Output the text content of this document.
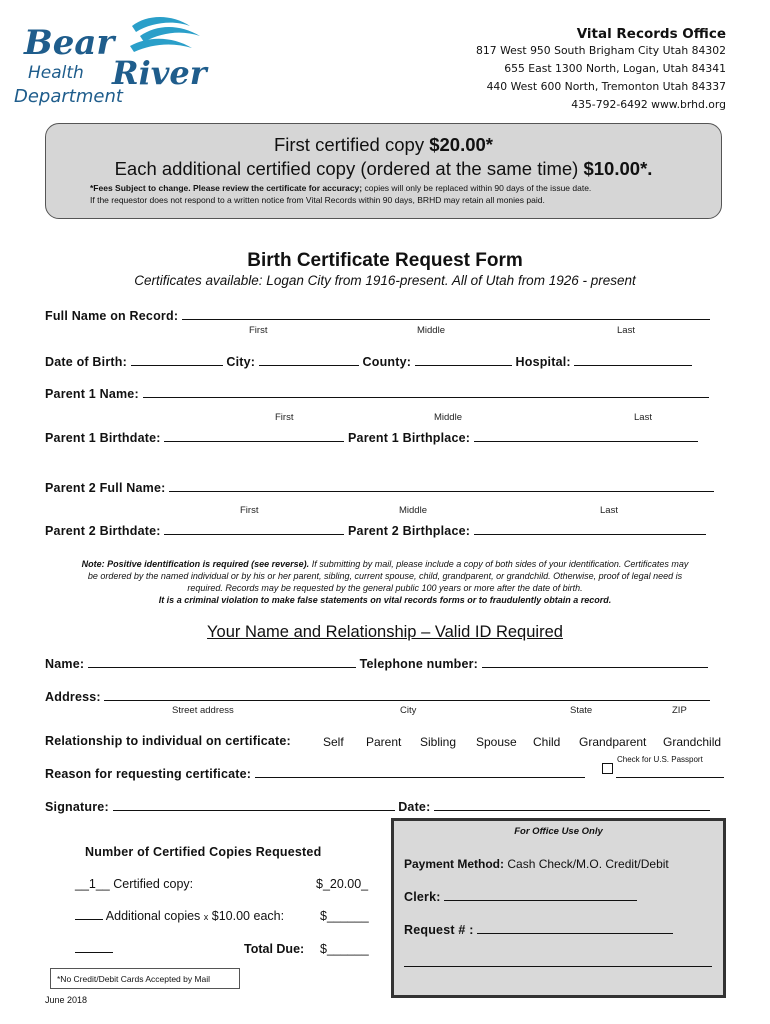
Bear
River
Health
Department
Vital Records Office
817 West 950 South Brigham City Utah 84302
655 East 1300 North, Logan, Utah 84341
440 West 600 North, Tremonton Utah 84337
435-792-6492 www.brhd.org
First certified copy $20.00*
Each additional certified copy (ordered at the same time) $10.00*.
*Fees Subject to change. Please review the certificate for accuracy; copies will only be replaced within 90 days of the issue date.
If the requestor does not respond to a written notice from Vital Records within 90 days, BRHD may retain all monies paid.
Birth Certificate Request Form
Certificates available: Logan City from 1916-present. All of Utah from 1926 - present
Full Name on Record:
First	Middle	Last
Date of Birth:	City:	County:	Hospital:
Parent 1 Name:
First	Middle	Last
Parent 1 Birthdate:	Parent 1 Birthplace:
Parent 2 Full Name:
First	Middle	Last
Parent 2 Birthdate:	Parent 2 Birthplace:
Note: Positive identification is required (see reverse). If submitting by mail, please include a copy of both sides of your identification. Certificates may
be ordered by the named individual or by his or her parent, sibling, current spouse, child, grandparent, or grandchild. Otherwise, proof of legal need is
required. Records may be requested by the general public 100 years or more after the date of birth.
It is a criminal violation to make false statements on vital records forms or to fraudulently obtain a record.
Your Name and Relationship – Valid ID Required
Name:	Telephone number:
Address:
Street address	City	State	ZIP
Relationship to individual on certificate:	Self Parent Sibling Spouse Child Grandparent Grandchild
Check for U.S. Passport
Reason for requesting certificate:
Signature:	Date:
Number of Certified Copies Requested
__1__ Certified copy:	$_20.00_
Additional copies x $10.00 each:	$______
Total Due: $______
*No Credit/Debit Cards Accepted by Mail
June 2018
For Office Use Only
Payment Method: Cash Check/M.O. Credit/Debit
Clerk:
Request # :
